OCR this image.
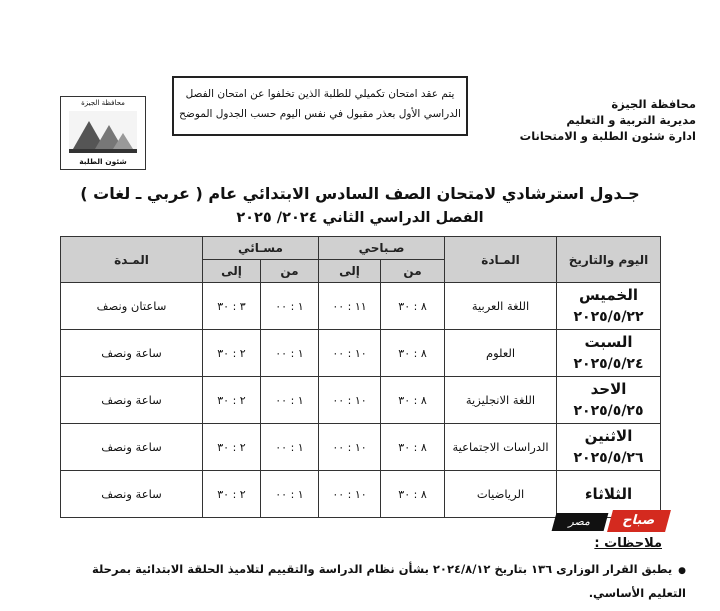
محافظة الجيزة
مديرية التربية و التعليم
ادارة شئون الطلبة و الامتحانات
يتم عقد امتحان تكميلي للطلبة الذين تخلفوا عن امتحان الفصل
الدراسي الأول بعذر مقبول في نفس اليوم حسب الجدول الموضح
محافظة الجيزة
شئون الطلبة
جـدول استرشادي لامتحان الصف السادس الابتدائي عام ( عربي ـ لغات )
الفصل الدراسي الثاني ٢٠٢٤/ ٢٠٢٥
اليوم والتاريخ	المـادة	صـباحي		مسـائي		المـدة
		من	إلى	من	إلى	

الخميس
٢٠٢٥/٥/٢٢	اللغة العربية	٨ : ٣٠	١١ : ٠٠	١ : ٠٠	٣ : ٣٠	ساعتان ونصف

السبت
٢٠٢٥/٥/٢٤	العلوم	٨ : ٣٠	١٠ : ٠٠	١ : ٠٠	٢ : ٣٠	ساعة ونصف

الاحد
٢٠٢٥/٥/٢٥	اللغة الانجليزية	٨ : ٣٠	١٠ : ٠٠	١ : ٠٠	٢ : ٣٠	ساعة ونصف

الاثنين
٢٠٢٥/٥/٢٦	الدراسات الاجتماعية	٨ : ٣٠	١٠ : ٠٠	١ : ٠٠	٢ : ٣٠	ساعة ونصف

الثلاثاء	الرياضيات	٨ : ٣٠	١٠ : ٠٠	١ : ٠٠	٢ : ٣٠	ساعة ونصف
مصر	صباح
ملاحظات :
●يطبق القرار الوزارى ١٣٦ بتاريخ ٢٠٢٤/٨/١٢ بشأن نظام الدراسة والتقييم لتلاميذ الحلقة الابتدائية بمرحلة التعليم الأساسي.
